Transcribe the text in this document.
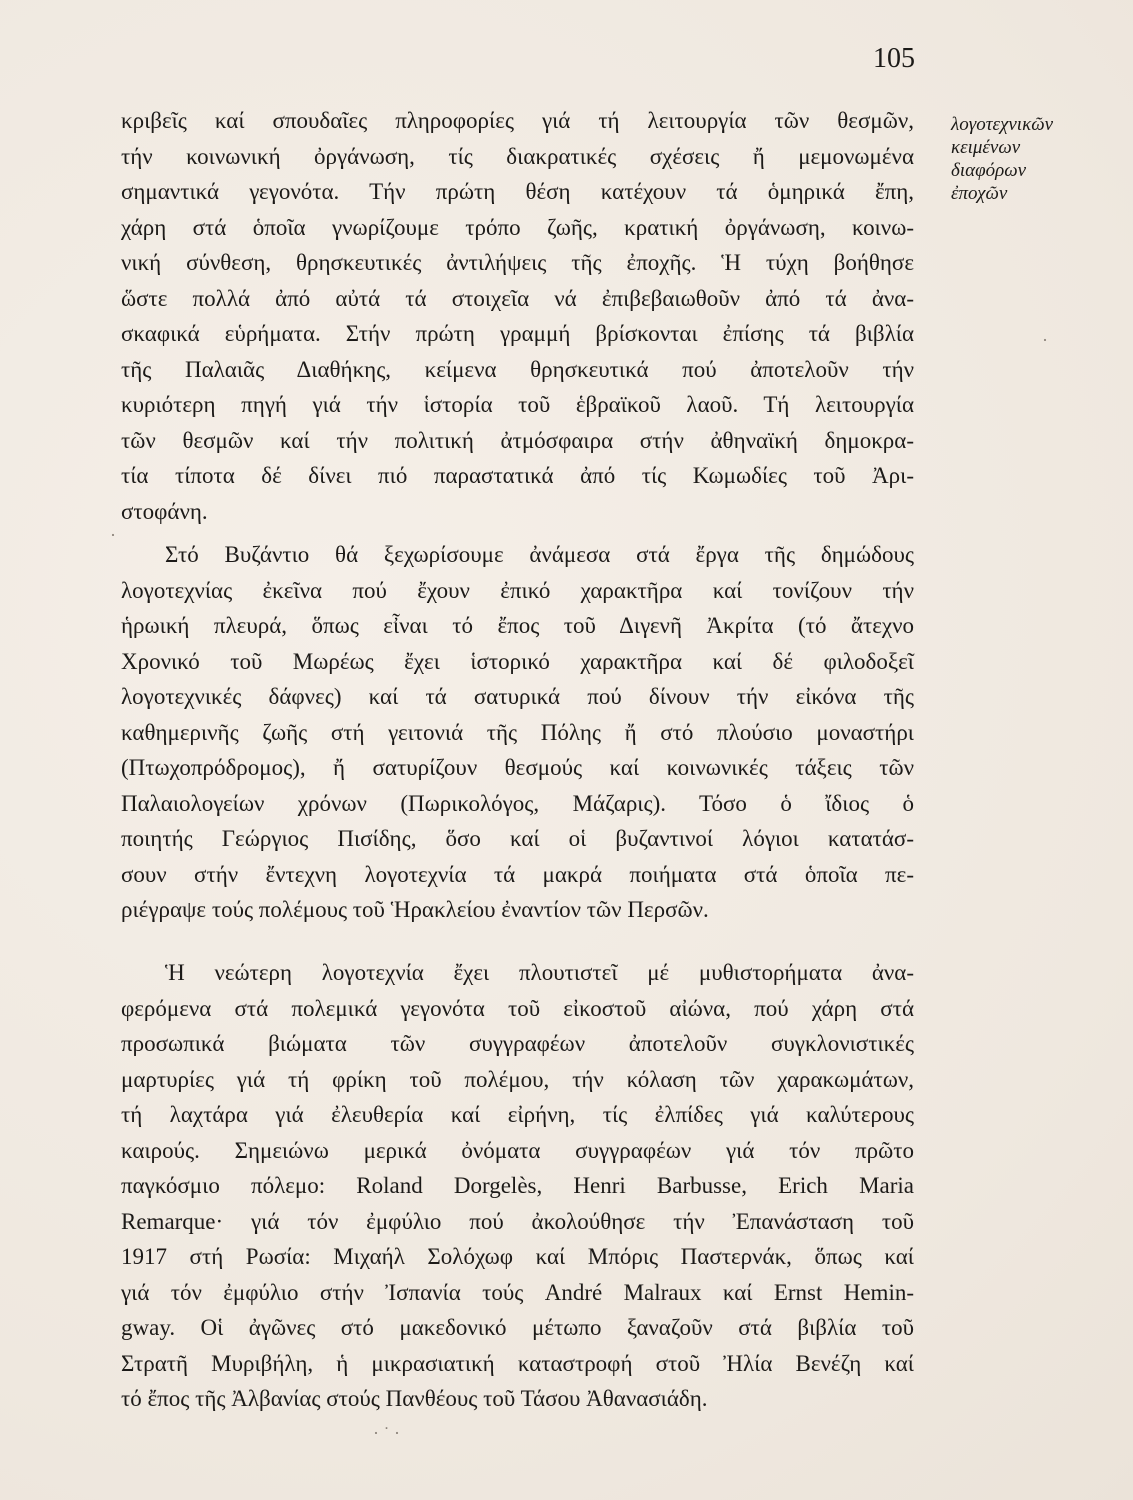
105
λογοτεχνικῶν
κειμένων
διαφόρων
ἐποχῶν
κριβεῖς καί σπουδαῖες πληροφορίες γιά τή λειτουργία τῶν θεσμῶν,
τήν κοινωνική ὀργάνωση, τίς διακρατικές σχέσεις ἤ μεμονωμένα
σημαντικά γεγονότα. Τήν πρώτη θέση κατέχουν τά ὁμηρικά ἔπη,
χάρη στά ὁποῖα γνωρίζουμε τρόπο ζωῆς, κρατική ὀργάνωση, κοινω-
νική σύνθεση, θρησκευτικές ἀντιλήψεις τῆς ἐποχῆς. Ἡ τύχη βοήθησε
ὥστε πολλά ἀπό αὐτά τά στοιχεῖα νά ἐπιβεβαιωθοῦν ἀπό τά ἀνα-
σκαφικά εὑρήματα. Στήν πρώτη γραμμή βρίσκονται ἐπίσης τά βιβλία
τῆς Παλαιᾶς Διαθήκης, κείμενα θρησκευτικά πού ἀποτελοῦν τήν
κυριότερη πηγή γιά τήν ἱστορία τοῦ ἑβραϊκοῦ λαοῦ. Τή λειτουργία
τῶν θεσμῶν καί τήν πολιτική ἀτμόσφαιρα στήν ἀθηναϊκή δημοκρα-
τία τίποτα δέ δίνει πιό παραστατικά ἀπό τίς Κωμωδίες τοῦ Ἀρι-
στοφάνη.
Στό Βυζάντιο θά ξεχωρίσουμε ἀνάμεσα στά ἔργα τῆς δημώδους
λογοτεχνίας ἐκεῖνα πού ἔχουν ἐπικό χαρακτῆρα καί τονίζουν τήν
ἡρωική πλευρά, ὅπως εἶναι τό ἔπος τοῦ Διγενῆ Ἀκρίτα (τό ἄτεχνο
Χρονικό τοῦ Μωρέως ἔχει ἱστορικό χαρακτῆρα καί δέ φιλοδοξεῖ
λογοτεχνικές δάφνες) καί τά σατυρικά πού δίνουν τήν εἰκόνα τῆς
καθημερινῆς ζωῆς στή γειτονιά τῆς Πόλης ἤ στό πλούσιο μοναστήρι
(Πτωχοπρόδρομος), ἤ σατυρίζουν θεσμούς καί κοινωνικές τάξεις τῶν
Παλαιολογείων χρόνων (Πωρικολόγος, Μάζαρις). Τόσο ὁ ἴδιος ὁ
ποιητής Γεώργιος Πισίδης, ὅσο καί οἱ βυζαντινοί λόγιοι κατατάσ-
σουν στήν ἔντεχνη λογοτεχνία τά μακρά ποιήματα στά ὁποῖα πε-
ριέγραψε τούς πολέμους τοῦ Ἡρακλείου ἐναντίον τῶν Περσῶν.
Ἡ νεώτερη λογοτεχνία ἔχει πλουτιστεῖ μέ μυθιστορήματα ἀνα-
φερόμενα στά πολεμικά γεγονότα τοῦ εἰκοστοῦ αἰώνα, πού χάρη στά
προσωπικά βιώματα τῶν συγγραφέων ἀποτελοῦν συγκλονιστικές
μαρτυρίες γιά τή φρίκη τοῦ πολέμου, τήν κόλαση τῶν χαρακωμάτων,
τή λαχτάρα γιά ἐλευθερία καί εἰρήνη, τίς ἐλπίδες γιά καλύτερους
καιρούς. Σημειώνω μερικά ὀνόματα συγγραφέων γιά τόν πρῶτο
παγκόσμιο πόλεμο: Roland Dorgelès, Henri Barbusse, Erich Maria
Remarque· γιά τόν ἐμφύλιο πού ἀκολούθησε τήν Ἐπανάσταση τοῦ
1917 στή Ρωσία: Μιχαήλ Σολόχωφ καί Μπόρις Παστερνάκ, ὅπως καί
γιά τόν ἐμφύλιο στήν Ἰσπανία τούς André Malraux καί Ernst Hemin-
gway. Οἱ ἀγῶνες στό μακεδονικό μέτωπο ξαναζοῦν στά βιβλία τοῦ
Στρατῆ Μυριβήλη, ἡ μικρασιατική καταστροφή στοῦ Ἠλία Βενέζη καί
τό ἔπος τῆς Ἀλβανίας στούς Πανθέους τοῦ Τάσου Ἀθανασιάδη.
·
·
· ˙ ·
